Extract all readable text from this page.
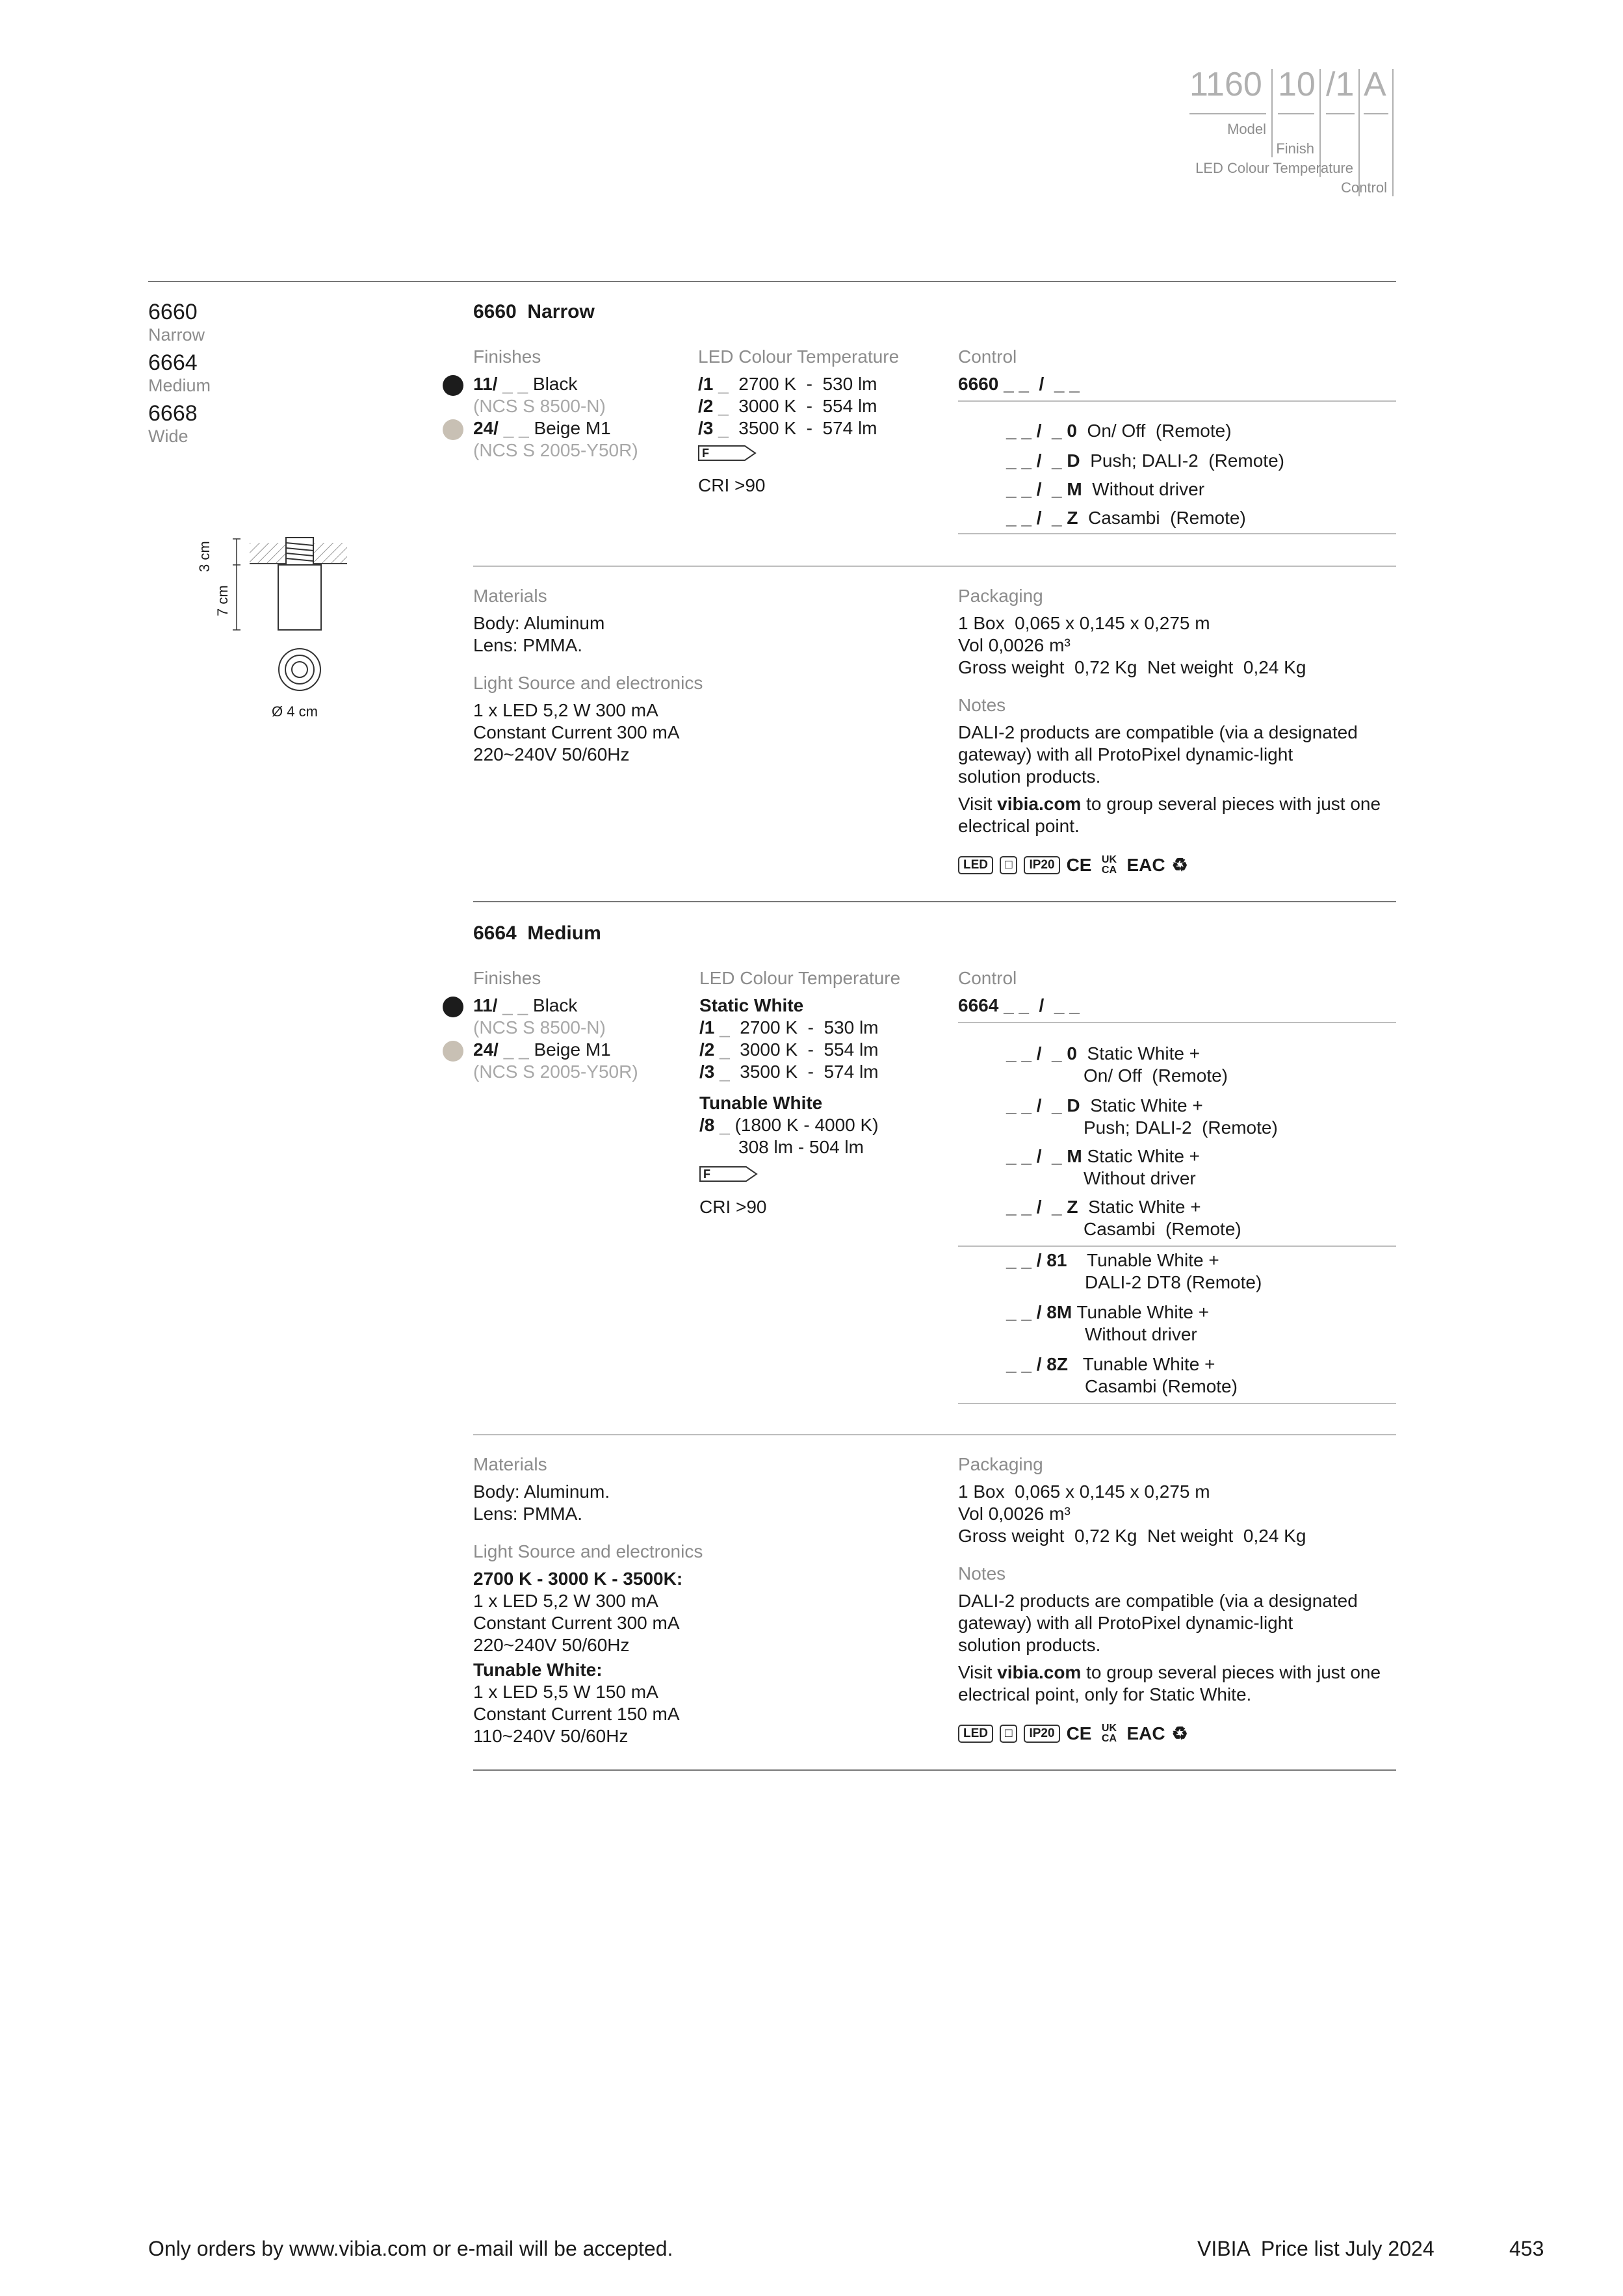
1160 10 /1 A
Model
Finish
LED Colour Temperature
Control
6660
Narrow
6664
Medium
6668
Wide
3 cm
7 cm
Ø 4 cm
6660 Narrow
Finishes
11/ _ _ Black
(NCS S 8500-N)
24/ _ _ Beige M1
(NCS S 2005-Y50R)
LED Colour Temperature
/1 _ 2700 K  -  530 lm
/2 _ 3000 K  -  554 lm
/3 _ 3500 K  -  574 lm
F
CRI >90
Control
6660 _ _  /  _ _
_ _ /  _ 0 On/ Off  (Remote)
_ _ /  _ D Push; DALI-2  (Remote)
_ _ /  _ M Without driver
_ _ /  _ Z Casambi  (Remote)
Materials
Body: Aluminum
Lens: PMMA.
Light Source and electronics
1 x LED 5,2 W 300 mA
Constant Current 300 mA
220~240V 50/60Hz
Packaging
1 Box  0,065 x 0,145 x 0,275 m
Vol 0,0026 m³
Gross weight  0,72 Kg  Net weight  0,24 Kg
Notes
DALI-2 products are compatible (via a designated
gateway) with all ProtoPixel dynamic-light
solution products.
Visit vibia.com to group several pieces with just one
electrical point.
LED □ IP20 CE UK CA EAC ♻
6664 Medium
Finishes
11/ _ _ Black
(NCS S 8500-N)
24/ _ _ Beige M1
(NCS S 2005-Y50R)
LED Colour Temperature
Static White
/1 _ 2700 K  -  530 lm
/2 _ 3000 K  -  554 lm
/3 _ 3500 K  -  574 lm
Tunable White
/8 _ (1800 K - 4000 K)
308 lm - 504 lm
F
CRI >90
Control
6664 _ _  /  _ _
_ _ /  _ 0 Static White +
On/ Off  (Remote)
_ _ /  _ D Static White +
Push; DALI-2  (Remote)
_ _ /  _ M Static White +
Without driver
_ _ /  _ Z Static White +
Casambi  (Remote)
_ _ / 81 Tunable White +
DALI-2 DT8 (Remote)
_ _ / 8M Tunable White +
Without driver
_ _ / 8Z Tunable White +
Casambi (Remote)
Materials
Body: Aluminum.
Lens: PMMA.
Light Source and electronics
2700 K - 3000 K - 3500K:
1 x LED 5,2 W 300 mA
Constant Current 300 mA
220~240V 50/60Hz
Tunable White:
1 x LED 5,5 W 150 mA
Constant Current 150 mA
110~240V 50/60Hz
Packaging
1 Box  0,065 x 0,145 x 0,275 m
Vol 0,0026 m³
Gross weight  0,72 Kg  Net weight  0,24 Kg
Notes
DALI-2 products are compatible (via a designated
gateway) with all ProtoPixel dynamic-light
solution products.
Visit vibia.com to group several pieces with just one
electrical point, only for Static White.
LED □ IP20 CE UK CA EAC ♻
Only orders by www.vibia.com or e-mail will be accepted.	VIBIA  Price list July 2024	453
